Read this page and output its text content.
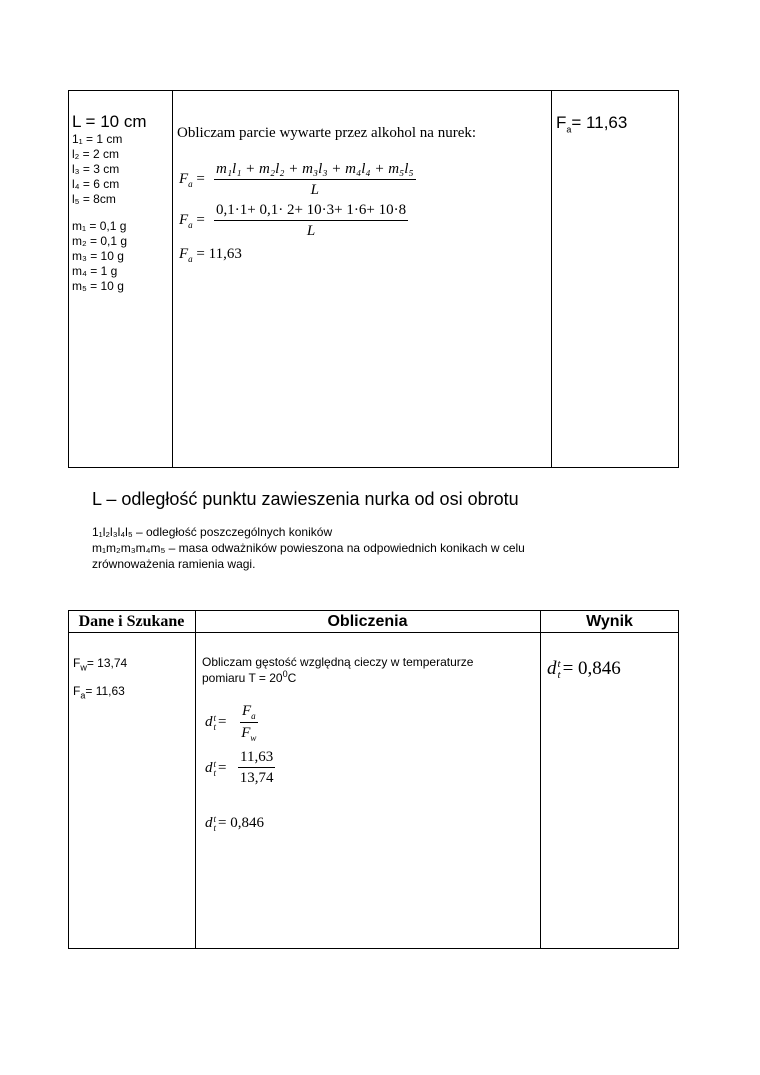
L = 10 cm
1₁ = 1 cm
l₂ = 2 cm
l₃ = 3 cm
l₄ = 6 cm
l₅ = 8cm
m₁ = 0,1 g
m₂ = 0,1 g
m₃ = 10 g
m₄ = 1 g
m₅ = 10 g
Obliczam parcie wywarte przez alkohol na nurek:
$F_a = \frac{\text{m₁l₁ + m₂l₂ + m₃l₃ + m₄l₄ + m₅l₅}}{L}$
$F_a = \frac{0,1\cdot 1+ 0,1\cdot 2+ 10\cdot 3+ 1\cdot 6+ 10\cdot 8}{L}$
$F_a = 11,63$
$F_a= 11,63$
L – odległość punktu zawieszenia nurka od osi obrotu
1₁l₂l₃l₄l₅ – odległość poszczególnych koników
m₁m₂m₃m₄m₅ – masa odważników powieszona na odpowiednich konikach w celu
zrównoważenia ramienia wagi.
Dane i Szukane	Obliczenia	Wynik
$F_w= 13,74$
$F_a= 11,63$
Obliczam gęstość względną cieczy w temperaturze
pomiaru $T = 20^0C$
d t
$t = \frac{F_a}{F_w}$
d t
$t = \frac{11,63}{13,74}$
d t
t = 0,846
d t
t = 0,846
